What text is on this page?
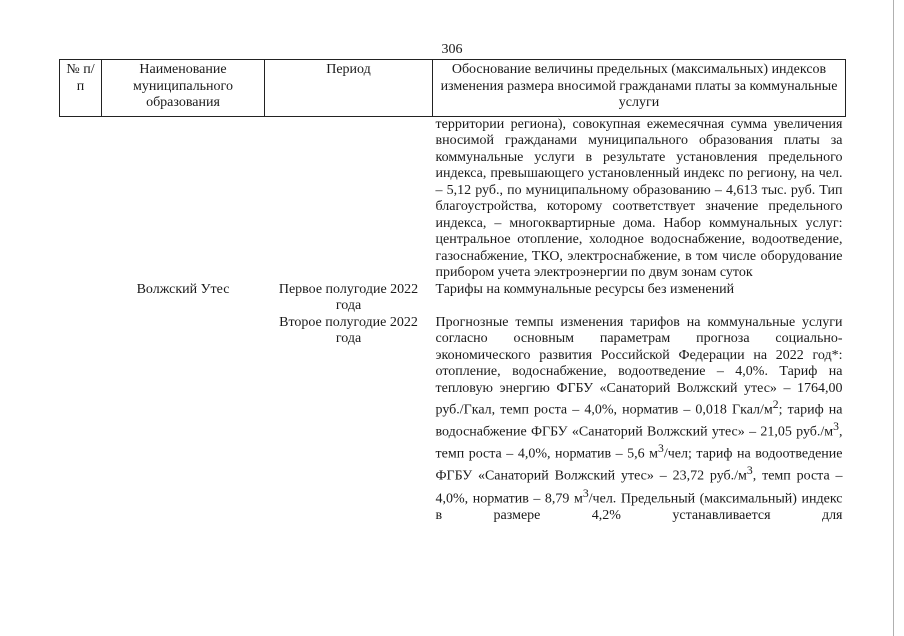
306
№ п/п	Наименование муниципального образования	Период	Обоснование величины предельных (максимальных) индексов изменения размера вносимой гражданами платы за коммунальные услуги
			территории региона), совокупная ежемесячная сумма увеличения вносимой гражданами муниципального образования платы за коммунальные услуги в результате установления предельного индекса, превышающего установленный индекс по региону, на чел. – 5,12 руб., по муниципальному образованию – 4,613 тыс. руб. Тип благоустройства, которому соответствует значение предельного индекса, – многоквартирные дома. Набор коммунальных услуг: центральное отопление, холодное водоснабжение, водоотведение, газоснабжение, ТКО, электроснабжение, в том числе оборудование прибором учета электроэнергии по двум зонам суток
	Волжский Утес	Первое полугодие 2022 года	Тарифы на коммунальные ресурсы без изменений
		Второе полугодие 2022 года	Прогнозные темпы изменения тарифов на коммунальные услуги согласно основным параметрам прогноза социально-экономического развития Российской Федерации на 2022 год*: отопление, водоснабжение, водоотведение – 4,0%. Тариф на тепловую энергию ФГБУ «Санаторий Волжский утес» – 1764,00 руб./Гкал, темп роста – 4,0%, норматив – 0,018 Гкал/$м^2$; тариф на водоснабжение ФГБУ «Санаторий Волжский утес» – 21,05 $руб./м^3$, темп роста – 4,0%, норматив – 5,6 $м^3$/чел; тариф на водоотведение ФГБУ «Санаторий Волжский утес» – 23,72 $руб./м^3$, темп роста – 4,0%, норматив – 8,79 $м^3$/чел. Предельный (максимальный) индекс в размере 4,2% устанавливается для
